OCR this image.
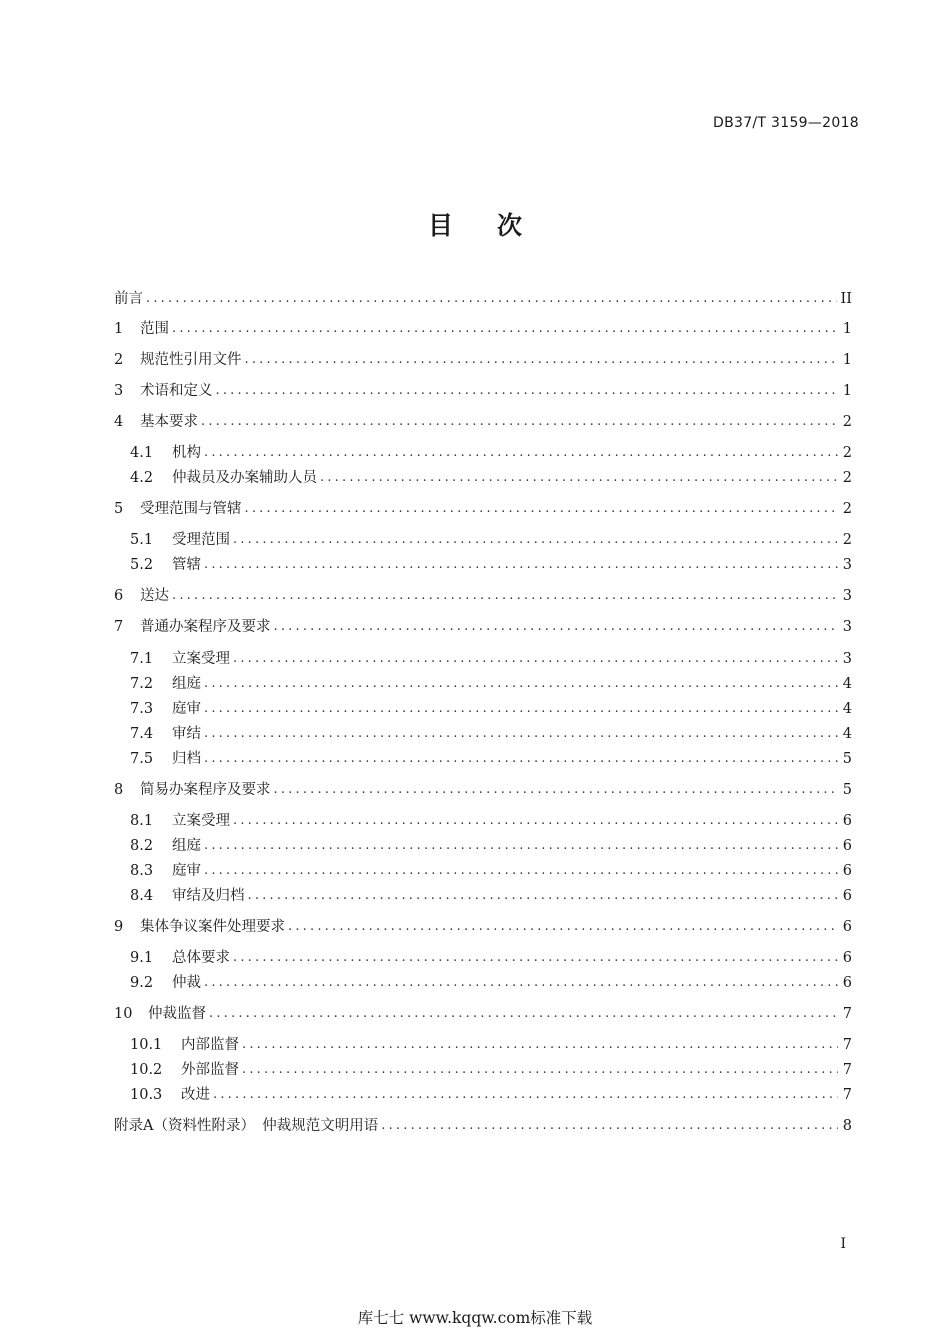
DB37/T 3159—2018
目次
前言 .....	II
1	范围 .....	1
2	规范性引用文件 .....	1
3	术语和定义 .....	1
4	基本要求 .....	2
4.1	机构 .....	2
4.2	仲裁员及办案辅助人员 .....	2
5	受理范围与管辖 .....	2
5.1	受理范围 .....	2
5.2	管辖 .....	3
6	送达 .....	3
7	普通办案程序及要求 .....	3
7.1	立案受理 .....	3
7.2	组庭 .....	4
7.3	庭审 .....	4
7.4	审结 .....	4
7.5	归档 .....	5
8	简易办案程序及要求 .....	5
8.1	立案受理 .....	6
8.2	组庭 .....	6
8.3	庭审 .....	6
8.4	审结及归档 .....	6
9	集体争议案件处理要求 .....	6
9.1	总体要求 .....	6
9.2	仲裁 .....	6
10	仲裁监督 .....	7
10.1	内部监督 .....	7
10.2	外部监督 .....	7
10.3	改进 .....	7
附录A（资料性附录）　仲裁规范文明用语 .....	8
I
库七七 www.kqqw.com标准下载
